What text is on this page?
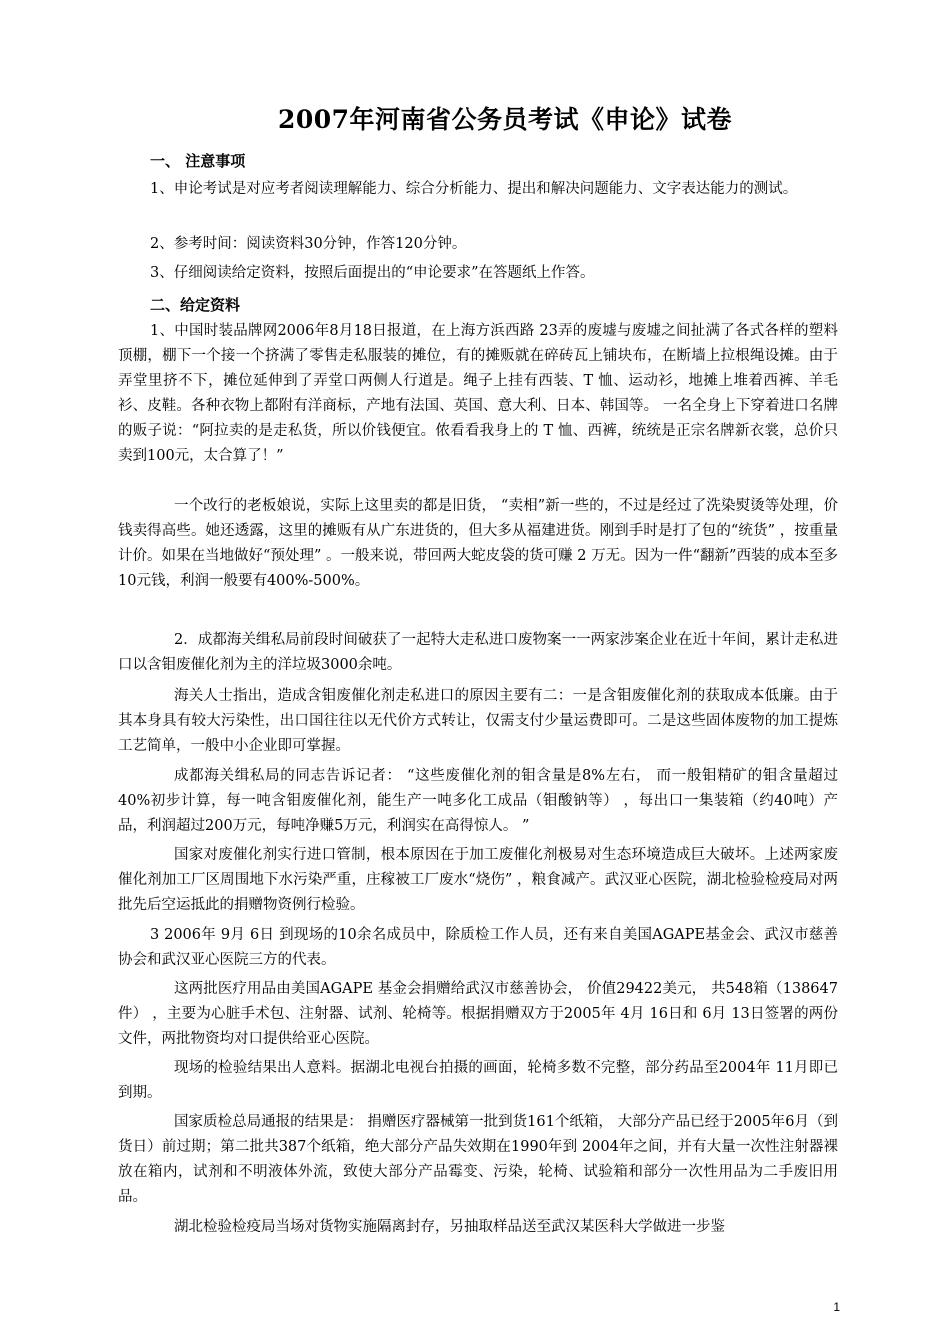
2007年河南省公务员考试《申论》试卷
一、 注意事项

1、申论考试是对应考者阅读理解能力、综合分析能力、提出和解决问题能力、文字表达能力的测试。

2、参考时间：阅读资料30分钟，作答120分钟。

3、仔细阅读给定资料，按照后面提出的“申论要求”在答题纸上作答。

二、给定资料

1、中国时装品牌网2006年8月18日报道，在上海方浜西路 23弄的废墟与废墟之间扯满了各式各样的塑料顶棚，棚下一个接一个挤满了零售走私服装的摊位，有的摊贩就在碎砖瓦上铺块布，在断墙上拉根绳设摊。由于弄堂里挤不下，摊位延伸到了弄堂口两侧人行道是。绳子上挂有西装、T 恤、运动衫，地摊上堆着西裤、羊毛衫、皮鞋。各种衣物上都附有洋商标，产地有法国、英国、意大利、日本、韩国等。 一名全身上下穿着进口名牌的贩子说：“阿拉卖的是走私货，所以价钱便宜。侬看看我身上的 T 恤、西裤，统统是正宗名牌新衣裳，总价只卖到100元，太合算了！”

一个改行的老板娘说，实际上这里卖的都是旧货， “卖相”新一些的，不过是经过了洗染熨烫等处理，价钱卖得高些。她还透露，这里的摊贩有从广东进货的，但大多从福建进货。刚到手时是打了包的“统货” ，按重量计价。如果在当地做好“预处理” 。一般来说，带回两大蛇皮袋的货可赚 2 万无。因为一件“翻新”西装的成本至多10元钱，利润一般要有400%-500%。

2．成都海关缉私局前段时间破获了一起特大走私进口废物案一一两家涉案企业在近十年间，累计走私进口以含钼废催化剂为主的洋垃圾3000余吨。

海关人士指出，造成含钼废催化剂走私进口的原因主要有二：一是含钼废催化剂的获取成本低廉。由于其本身具有较大污染性，出口国往往以无代价方式转让，仅需支付少量运费即可。二是这些固体废物的加工提炼工艺简单，一般中小企业即可掌握。

成都海关缉私局的同志告诉记者： “这些废催化剂的钼含量是8%左右， 而一般钼精矿的钼含量超过40%初步计算，每一吨含钼废催化剂，能生产一吨多化工成品（钼酸钠等） ，每出口一集装箱（约40吨）产品，利润超过200万元，每吨净赚5万元，利润实在高得惊人。 ”

国家对废催化剂实行进口管制，根本原因在于加工废催化剂极易对生态环境造成巨大破坏。上述两家废催化剂加工厂区周围地下水污染严重，庄稼被工厂废水“烧伤” ，粮食减产。武汉亚心医院，湖北检验检疫局对两批先后空运抵此的捐赠物资例行检验。

3 2006年 9月 6日 到现场的10余名成员中，除质检工作人员，还有来自美国AGAPE基金会、武汉市慈善协会和武汉亚心医院三方的代表。

这两批医疗用品由美国AGAPE 基金会捐赠给武汉市慈善协会， 价值29422美元， 共548箱（138647件） ，主要为心脏手术包、注射器、试剂、轮椅等。根据捐赠双方于2005年 4月 16日和 6月 13日签署的两份文件，两批物资均对口提供给亚心医院。

现场的检验结果出人意料。据湖北电视台拍摄的画面，轮椅多数不完整，部分药品至2004年 11月即已到期。

国家质检总局通报的结果是： 捐赠医疗器械第一批到货161个纸箱， 大部分产品已经于2005年6月（到货日）前过期；第二批共387个纸箱，绝大部分产品失效期在1990年到 2004年之间，并有大量一次性注射器裸放在箱内，试剂和不明液体外流，致使大部分产品霉变、污染，轮椅、试验箱和部分一次性用品为二手废旧用品。

湖北检验检疫局当场对货物实施隔离封存，另抽取样品送至武汉某医科大学做进一步鉴

1
